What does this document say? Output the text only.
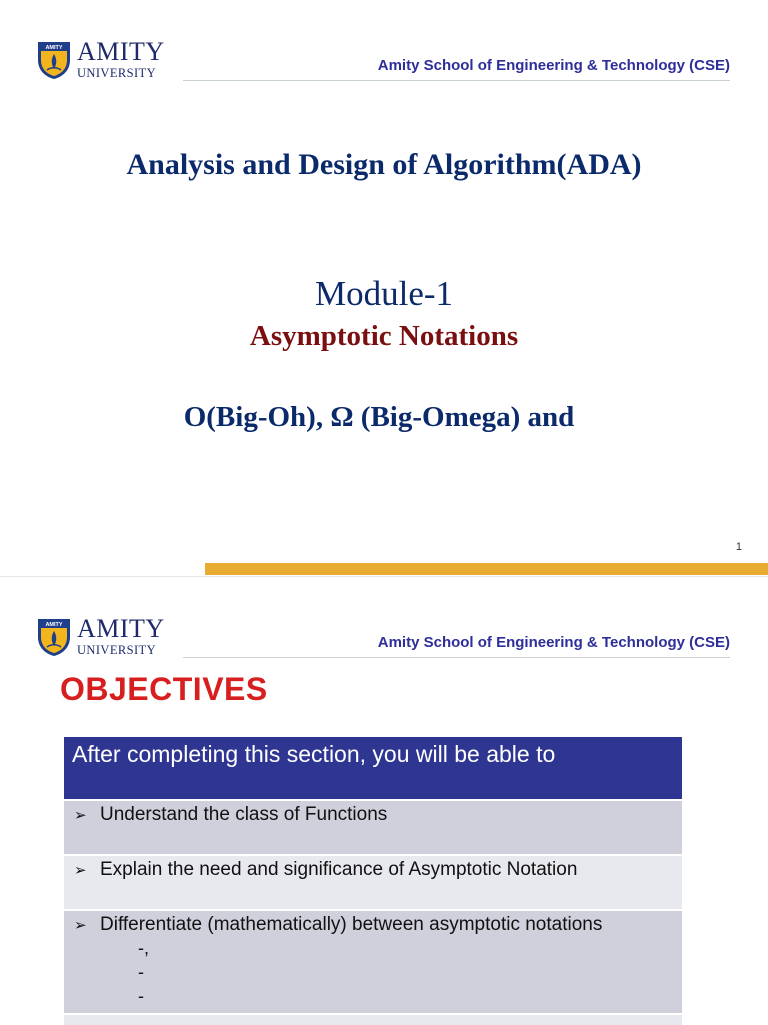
AMITY AMITY
UNIVERSITY	Amity School of Engineering & Technology (CSE)
Analysis and Design of Algorithm(ADA)
Module-1
Asymptotic Notations
O(Big-Oh), Ω (Big-Omega) and
1
AMITY AMITY
UNIVERSITY	Amity School of Engineering & Technology (CSE)
OBJECTIVES
After completing this section, you will be able to
➢ Understand the class of Functions
➢ Explain the need and significance of Asymptotic Notation
➢ Differentiate (mathematically) between asymptotic notations
-,
-
-
